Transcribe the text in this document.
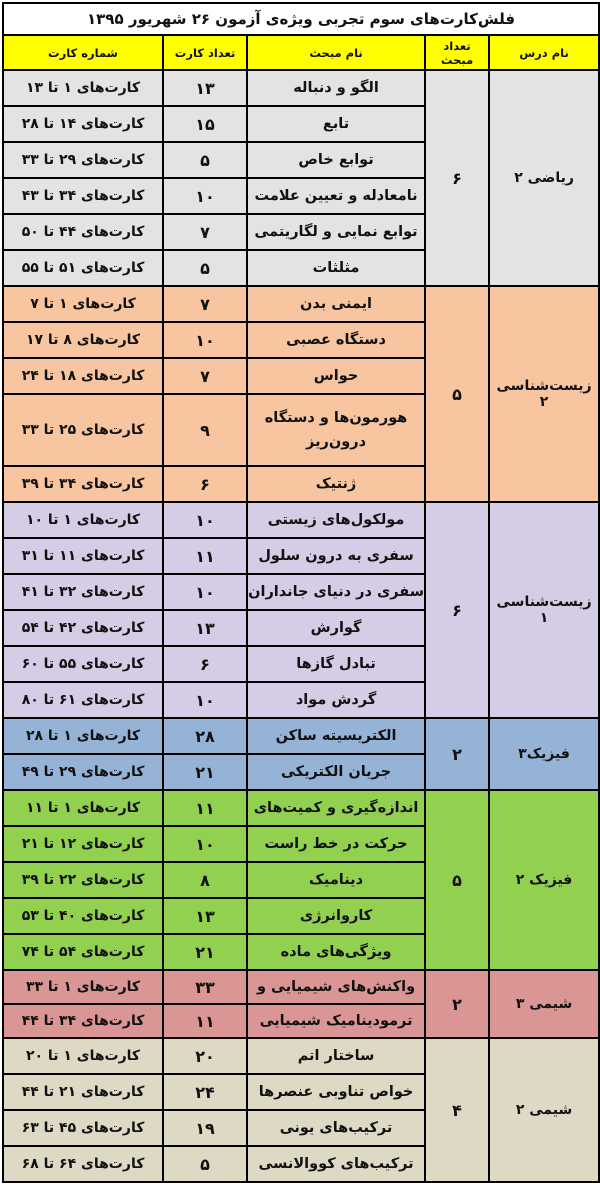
فلش‌کارت‌های سوم تجربی ویژه‌ی آزمون ۲۶ شهریور ۱۳۹۵				
نام درس	تعداد مبحث	نام مبحث	تعداد کارت	شماره کارت
ریاضی ۲	۶	الگو و دنباله	۱۳	کارت‌های ۱ تا ۱۳
		تابع	۱۵	کارت‌های ۱۴ تا ۲۸
		توابع خاص	۵	کارت‌های ۲۹ تا ۳۳
		نامعادله و تعیین علامت	۱۰	کارت‌های ۳۴ تا ۴۳
		توابع نمایی و لگاریتمی	۷	کارت‌های ۴۴ تا ۵۰
		مثلثات	۵	کارت‌های ۵۱ تا ۵۵
زیست‌شناسی ۲	۵	ایمنی بدن	۷	کارت‌های ۱ تا ۷
		دستگاه عصبی	۱۰	کارت‌های ۸ تا ۱۷
		حواس	۷	کارت‌های ۱۸ تا ۲۴
		هورمون‌ها و دستگاه درون‌ریز	۹	کارت‌های ۲۵ تا ۳۳
		ژنتیک	۶	کارت‌های ۳۴ تا ۳۹
زیست‌شناسی ۱	۶	مولکول‌های زیستی	۱۰	کارت‌های ۱ تا ۱۰
		سفری به درون سلول	۱۱	کارت‌های ۱۱ تا ۳۱
		سفری در دنیای جانداران	۱۰	کارت‌های ۳۲ تا ۴۱
		گوارش	۱۳	کارت‌های ۴۲ تا ۵۴
		تبادل گازها	۶	کارت‌های ۵۵ تا ۶۰
		گردش مواد	۱۰	کارت‌های ۶۱ تا ۸۰
فیزیک۳	۲	الکتریسیته ساکن	۲۸	کارت‌های ۱ تا ۲۸
		جریان الکتریکی	۲۱	کارت‌های ۲۹ تا ۴۹
فیزیک ۲	۵	اندازه‌گیری و کمیت‌های	۱۱	کارت‌های ۱ تا ۱۱
		حرکت در خط راست	۱۰	کارت‌های ۱۲ تا ۲۱
		دینامیک	۸	کارت‌های ۲۲ تا ۳۹
		کاروانرژی	۱۳	کارت‌های ۴۰ تا ۵۳
		ویژگی‌های ماده	۲۱	کارت‌های ۵۴ تا ۷۴
شیمی ۳	۲	واکنش‌های شیمیایی و	۳۳	کارت‌های ۱ تا ۳۳
		ترمودینامیک شیمیایی	۱۱	کارت‌های ۳۴ تا ۴۴
شیمی ۲	۴	ساختار اتم	۲۰	کارت‌های ۱ تا ۲۰
		خواص تناوبی عنصرها	۲۴	کارت‌های ۲۱ تا ۴۴
		ترکیب‌های یونی	۱۹	کارت‌های ۴۵ تا ۶۳
		ترکیب‌های کووالانسی	۵	کارت‌های ۶۴ تا ۶۸
